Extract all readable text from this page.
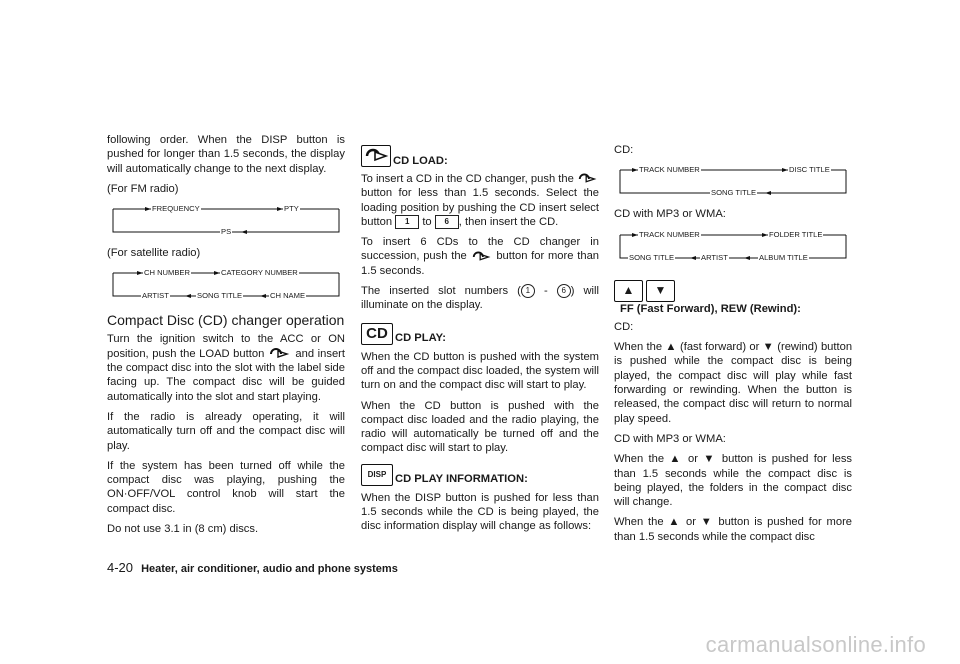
following order. When the DISP button is pushed for longer than 1.5 seconds, the display will automatically change to the next display.

(For FM radio)

FREQUENCY	PTY
PS

(For satellite radio)

CH NUMBER	CATEGORY NUMBER
ARTIST	SONG TITLE	CH NAME
Compact Disc (CD) changer operation

Turn the ignition switch to the ACC or ON position, push the LOAD button	and insert the compact disc into the slot with the label side facing up. The compact disc will be guided automatically into the slot and start playing.

If the radio is already operating, it will automatically turn off and the compact disc will play.

If the system has been turned off while the compact disc was playing, pushing the ON·OFF/VOL control knob will start the compact disc.

Do not use 3.1 in (8 cm) discs.

CD LOAD:

To insert a CD in the CD changer, push the  button for less than 1.5 seconds. Select the loading position by pushing the CD insert select button 1 to 6 , then insert the CD.

To insert 6 CDs to the CD changer in succession, push the	button for more than 1.5 seconds.

The inserted slot numbers ( 1 - 6 ) will illuminate on the display.

CD CD PLAY:

When the CD button is pushed with the system off and the compact disc loaded, the system will turn on and the compact disc will start to play.

When the CD button is pushed with the compact disc loaded and the radio playing, the radio will automatically be turned off and the compact disc will start to play.

DISP CD PLAY INFORMATION:

When the DISP button is pushed for less than 1.5 seconds while the CD is being played, the disc information display will change as follows:

CD:

TRACK NUMBER	DISC TITLE
SONG TITLE

CD with MP3 or WMA:

TRACK NUMBER	FOLDER TITLE
SONG TITLE	ARTIST	ALBUM TITLE
▲	▼
FF (Fast Forward), REW (Rewind):

CD:

When the ▲ (fast forward) or ▼ (rewind) button is pushed while the compact disc is being played, the compact disc will play while fast forwarding or rewinding. When the button is released, the compact disc will return to normal play speed.

CD with MP3 or WMA:

When the ▲ or ▼ button is pushed for less than 1.5 seconds while the compact disc is being played, the folders in the compact disc will change.

When the ▲ or ▼ button is pushed for more than 1.5 seconds while the compact disc

4-20 Heater, air conditioner, audio and phone systems
carmanualsonline.info
